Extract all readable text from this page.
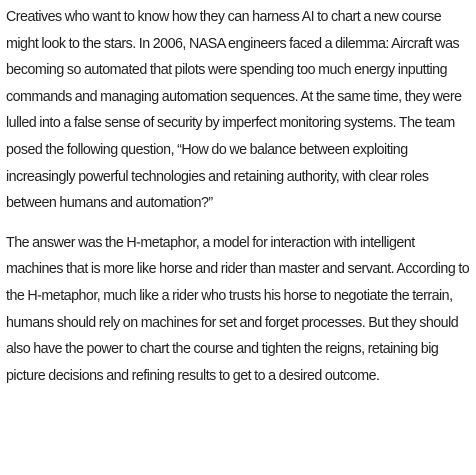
Creatives who want to know how they can harness AI to chart a new course might look to the stars. In 2006, NASA engineers faced a dilemma: Aircraft was becoming so automated that pilots were spending too much energy inputting commands and managing automation sequences. At the same time, they were lulled into a false sense of security by imperfect monitoring systems. The team posed the following question, “How do we balance between exploiting increasingly powerful technologies and retaining authority, with clear roles between humans and automation?”

The answer was the H-metaphor, a model for interaction with intelligent machines that is more like horse and rider than master and servant. According to the H-metaphor, much like a rider who trusts his horse to negotiate the terrain, humans should rely on machines for set and forget processes. But they should also have the power to chart the course and tighten the reigns, retaining big picture decisions and refining results to get to a desired outcome.
